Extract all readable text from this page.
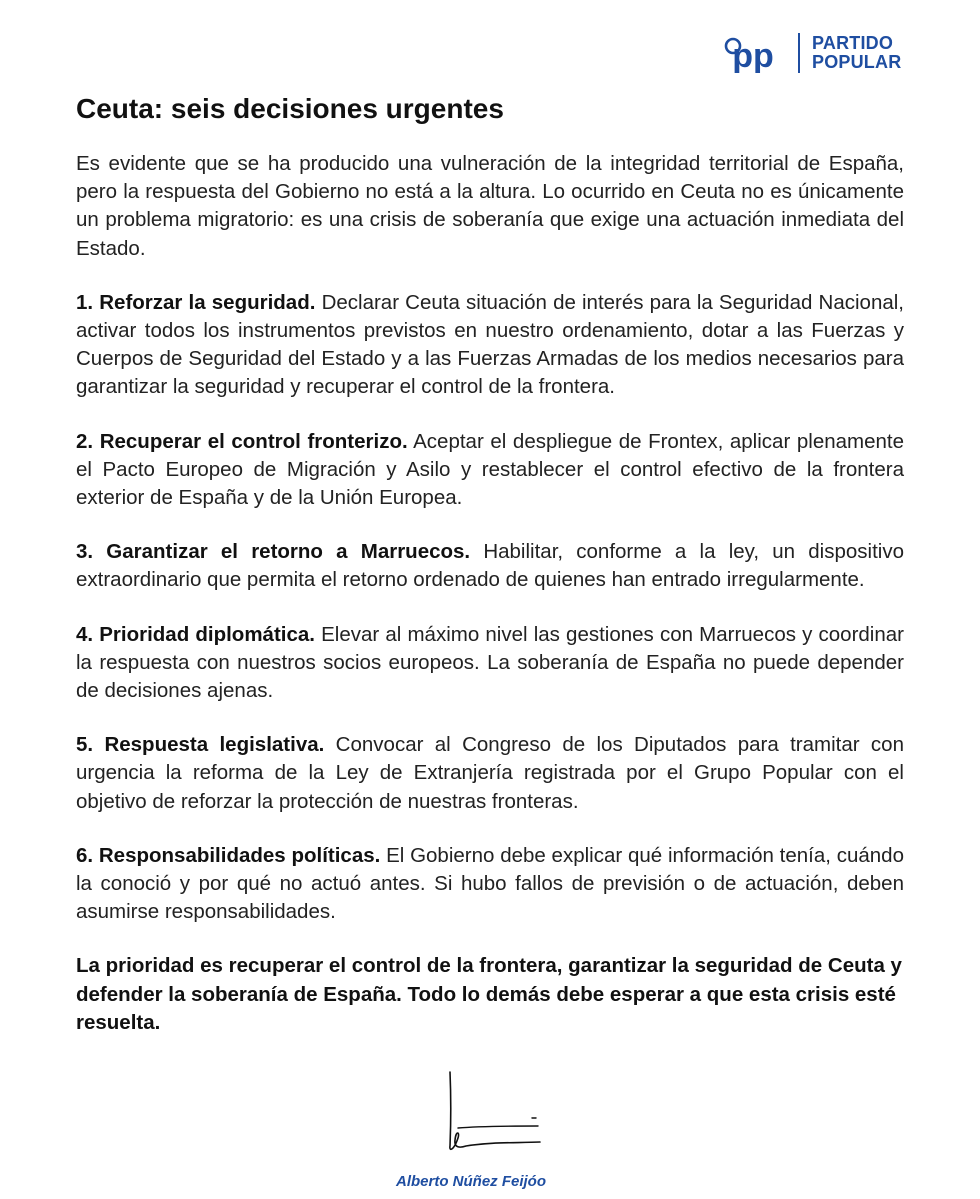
pp PARTIDO
POPULAR
Ceuta: seis decisiones urgentes

Es evidente que se ha producido una vulneración de la integridad territorial de España, pero la respuesta del Gobierno no está a la altura. Lo ocurrido en Ceuta no es únicamente un problema migratorio: es una crisis de soberanía que exige una actuación inmediata del Estado.

1. Reforzar la seguridad. Declarar Ceuta situación de interés para la Seguridad Nacional, activar todos los instrumentos previstos en nuestro ordenamiento, dotar a las Fuerzas y Cuerpos de Seguridad del Estado y a las Fuerzas Armadas de los medios necesarios para garantizar la seguridad y recuperar el control de la frontera.

2. Recuperar el control fronterizo. Aceptar el despliegue de Frontex, aplicar plenamente el Pacto Europeo de Migración y Asilo y restablecer el control efectivo de la frontera exterior de España y de la Unión Europea.

3. Garantizar el retorno a Marruecos. Habilitar, conforme a la ley, un dispositivo extraordinario que permita el retorno ordenado de quienes han entrado irregularmente.

4. Prioridad diplomática. Elevar al máximo nivel las gestiones con Marruecos y coordinar la respuesta con nuestros socios europeos. La soberanía de España no puede depender de decisiones ajenas.

5. Respuesta legislativa. Convocar al Congreso de los Diputados para tramitar con urgencia la reforma de la Ley de Extranjería registrada por el Grupo Popular con el objetivo de reforzar la protección de nuestras fronteras.

6. Responsabilidades políticas. El Gobierno debe explicar qué información tenía, cuándo la conoció y por qué no actuó antes. Si hubo fallos de previsión o de actuación, deben asumirse responsabilidades.

La prioridad es recuperar el control de la frontera, garantizar la seguridad de Ceuta y defender la soberanía de España. Todo lo demás debe esperar a que esta crisis esté resuelta.

Alberto Núñez Feijóo
